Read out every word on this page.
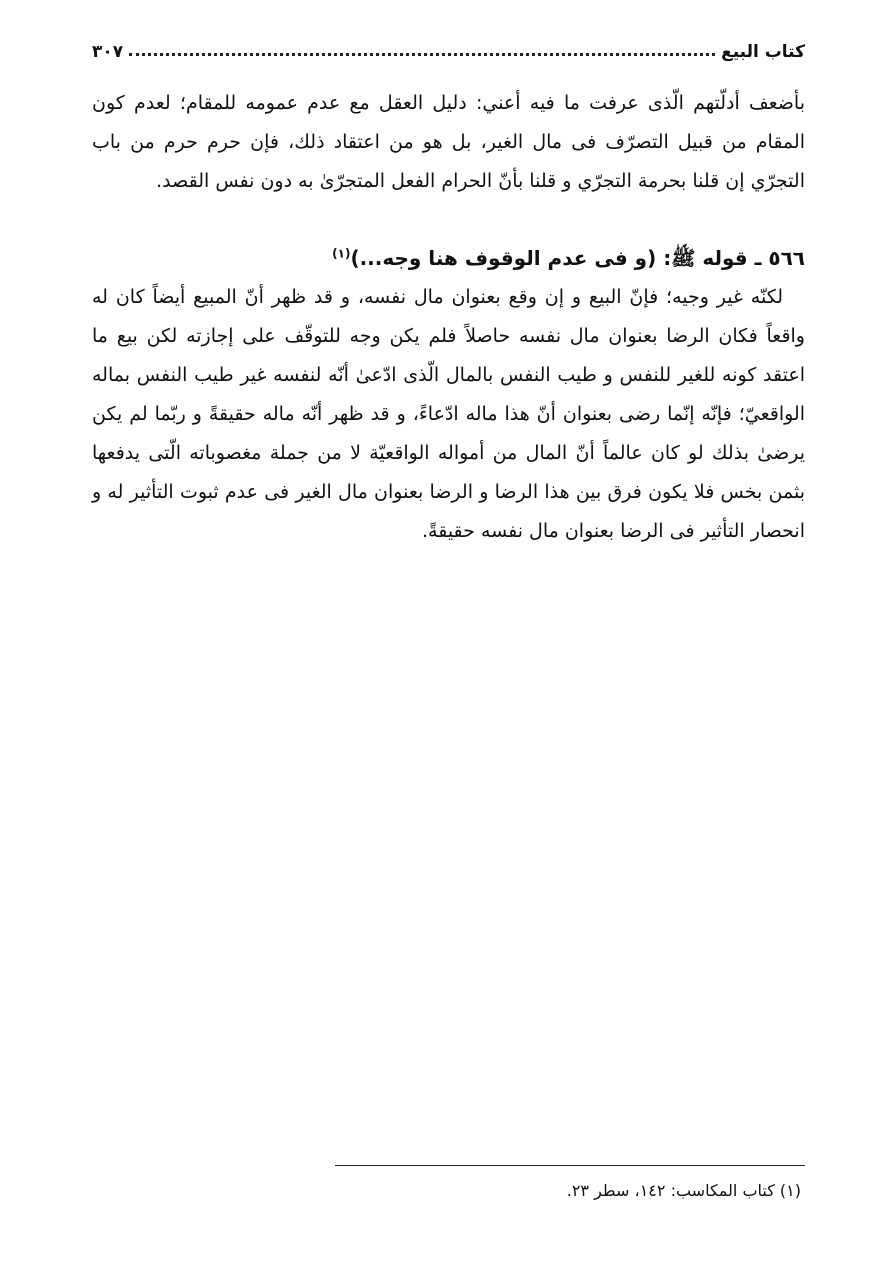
كتاب البيع
٣٠٧

بأضعف أدلّتهم الّذى عرفت ما فيه أعني: دليل العقل مع عدم عمومه للمقام؛ لعدم كون المقام من قبيل التصرّف فى مال الغير، بل هو من اعتقاد ذلك، فإن حرم حرم من باب التجرّي إن قلنا بحرمة التجرّي و قلنا بأنّ الحرام الفعل المتجرّىٰ به دون نفس القصد.

٥٦٦ ـ قوله ﷺ: (و فى عدم الوقوف هنا وجه...)$^{(١)}$

لكنّه غير وجيه؛ فإنّ البيع و إن وقع بعنوان مال نفسه، و قد ظهر أنّ المبيع أيضاً كان له واقعاً فكان الرضا بعنوان مال نفسه حاصلاً فلم يكن وجه للتوقّف على إجازته لكن بيع ما اعتقد كونه للغير للنفس و طيب النفس بالمال الّذى ادّعىٰ أنّه لنفسه غير طيب النفس بماله الواقعيّ؛ فإنّه إنّما رضى بعنوان أنّ هذا ماله ادّعاءً، و قد ظهر أنّه ماله حقيقةً و ربّما لم يكن يرضىٰ بذلك لو كان عالماً أنّ المال من أمواله الواقعيّة لا من جملة مغصوباته الّتى يدفعها بثمن بخس فلا يكون فرق بين هذا الرضا و الرضا بعنوان مال الغير فى عدم ثبوت التأثير له و انحصار التأثير فى الرضا بعنوان مال نفسه حقيقةً.

(١) كتاب المكاسب: ١٤٢، سطر ٢٣.
